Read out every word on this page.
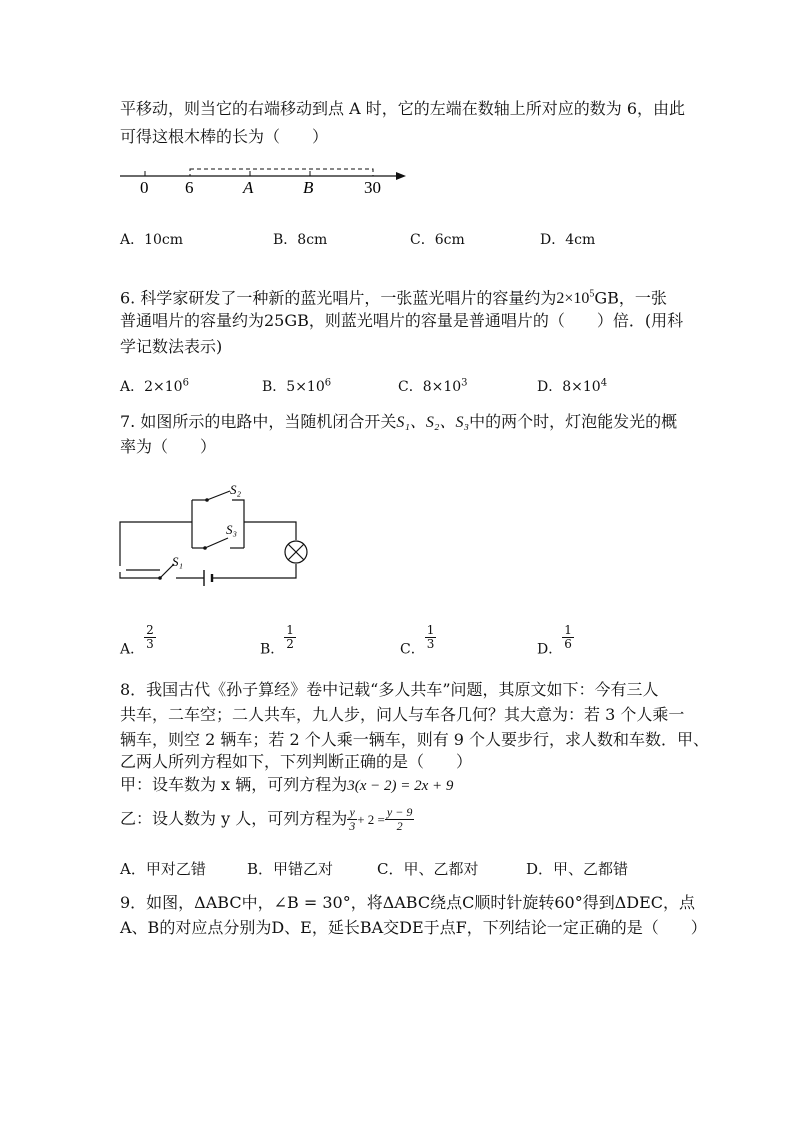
平移动，则当它的右端移动到点 A 时，它的左端在数轴上所对应的数为 6，由此
可得这根木棒的长为（　　）
0 6	A	B	30
A．10cm	B．8cm	C．6cm	D．4cm
6. 科学家研发了一种新的蓝光唱片，一张蓝光唱片的容量约为$2\times 10^5GB$，一张
普通唱片的容量约为25GB，则蓝光唱片的容量是普通唱片的（　　）倍．(用科
学记数法表示)
A．$2\times 10^6$	B．$5\times 10^6$	C．$8\times 10^3$	D．$8\times 10^4$
7. 如图所示的电路中，当随机闭合开关S₁、S₂、S₃中的两个时，灯泡能发光的概
率为（　　）
S₂
S₃
S₁
A． $\frac{2}{3}$	B． $\frac{1}{2}$	C． $\frac{1}{3}$	D． $\frac{1}{6}$
8．我国古代《孙子算经》卷中记载“多人共车”问题，其原文如下：今有三人
共车，二车空；二人共车，九人步，问人与车各几何？其大意为：若 3 个人乘一
辆车，则空 2 辆车；若 2 个人乘一辆车，则有 9 个人要步行，求人数和车数．甲、
乙两人所列方程如下，下列判断正确的是（　　）
甲：设车数为 x 辆，可列方程为3(x − 2) = 2x + 9
乙：设人数为 y 人，可列方程为 $\frac{y}{3} + 2 = \frac{y - 9}{2}$
A．甲对乙错	B．甲错乙对	C．甲、乙都对	D．甲、乙都错
9．如图，ΔABC中，∠B = 30°，将ΔABC绕点C顺时针旋转60°得到ΔDEC，点
A、B的对应点分别为D、E，延长BA交DE于点F，下列结论一定正确的是（　　）
